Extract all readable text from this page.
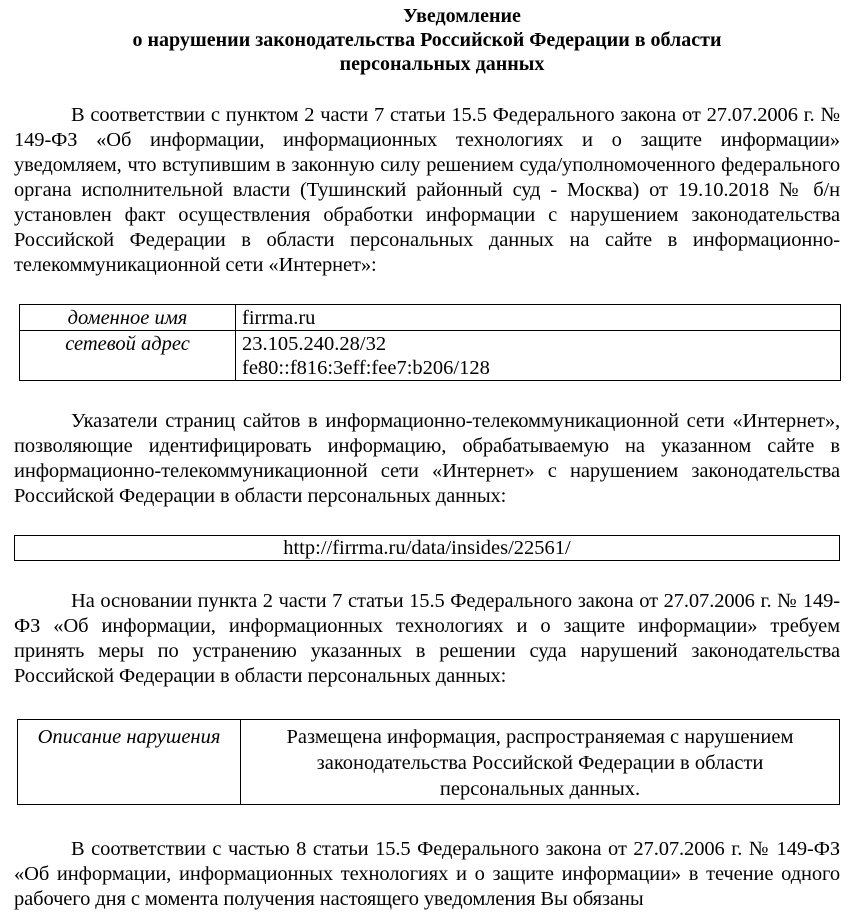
Уведомление
о нарушении законодательства Российской Федерации в области
персональных данных

В соответствии с пунктом 2 части 7 статьи 15.5 Федерального закона от 27.07.2006 г. № 149-ФЗ «Об информации, информационных технологиях и о защите информации» уведомляем, что вступившим в законную силу решением суда/уполномоченного федерального органа исполнительной власти (Тушинский районный суд - Москва) от 19.10.2018 № б/н установлен факт осуществления обработки информации с нарушением законодательства Российской Федерации в области персональных данных на сайте в информационно-телекоммуникационной сети «Интернет»:

доменное имя	firrma.ru
сетевой адрес	23.105.240.28/32
fe80::f816:3eff:fee7:b206/128

Указатели страниц сайтов в информационно-телекоммуникационной сети «Интернет», позволяющие идентифицировать информацию, обрабатываемую на указанном сайте в информационно-телекоммуникационной сети «Интернет» с нарушением законодательства Российской Федерации в области персональных данных:

http://firrma.ru/data/insides/22561/

На основании пункта 2 части 7 статьи 15.5 Федерального закона от 27.07.2006 г. № 149-ФЗ «Об информации, информационных технологиях и о защите информации» требуем принять меры по устранению указанных в решении суда нарушений законодательства Российской Федерации в области персональных данных:

Описание нарушения	Размещена информация, распространяемая с нарушением законодательства Российской Федерации в области персональных данных.

В соответствии с частью 8 статьи 15.5 Федерального закона от 27.07.2006 г. № 149-ФЗ «Об информации, информационных технологиях и о защите информации» в течение одного рабочего дня с момента получения настоящего уведомления Вы обязаны
